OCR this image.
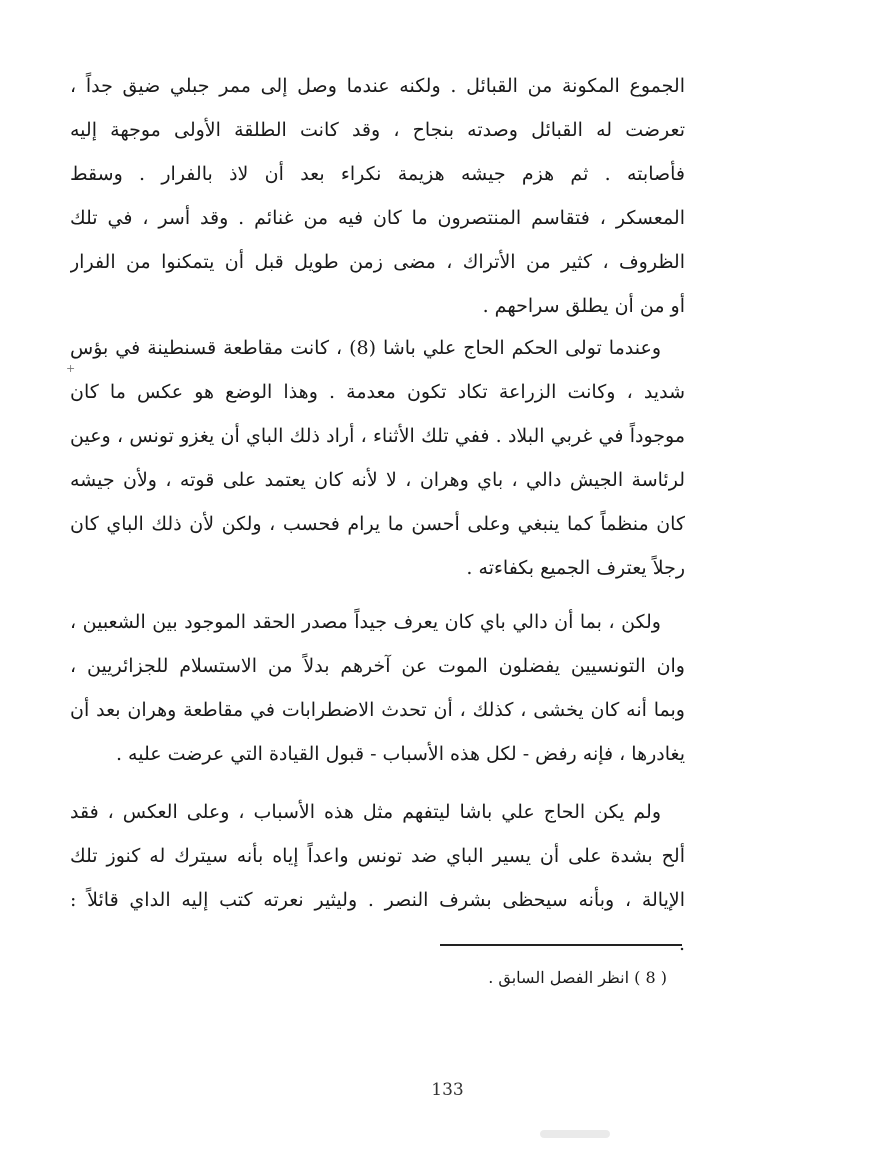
+
الجموع المكونة من القبائل . ولكنه عندما وصل إلى ممر جبلي ضيق جداً ،
تعرضت له القبائل وصدته بنجاح ، وقد كانت الطلقة الأولى موجهة إليه
فأصابته . ثم هزم جيشه هزيمة نكراء بعد أن لاذ بالفرار . وسقط
المعسكر ، فتقاسم المنتصرون ما كان فيه من غنائم . وقد أسر ، في تلك
الظروف ، كثير من الأتراك ، مضى زمن طويل قبل أن يتمكنوا من الفرار
أو من أن يطلق سراحهم .
وعندما تولى الحكم الحاج علي باشا (8) ، كانت مقاطعة قسنطينة في بؤس
شديد ، وكانت الزراعة تكاد تكون معدمة . وهذا الوضع هو عكس ما كان
موجوداً في غربي البلاد . ففي تلك الأثناء ، أراد ذلك الباي أن يغزو تونس ، وعين
لرئاسة الجيش دالي ، باي وهران ، لا لأنه كان يعتمد على قوته ، ولأن جيشه
كان منظماً كما ينبغي وعلى أحسن ما يرام فحسب ، ولكن لأن ذلك الباي كان
رجلاً يعترف الجميع بكفاءته .
ولكن ، بما أن دالي باي كان يعرف جيداً مصدر الحقد الموجود بين الشعبين ،
وان التونسيين يفضلون الموت عن آخرهم بدلاً من الاستسلام للجزائريين ،
وبما أنه كان يخشى ، كذلك ، أن تحدث الاضطرابات في مقاطعة وهران بعد أن
يغادرها ، فإنه رفض - لكل هذه الأسباب - قبول القيادة التي عرضت عليه .
ولم يكن الحاج علي باشا ليتفهم مثل هذه الأسباب ، وعلى العكس ، فقد
ألح بشدة على أن يسير الباي ضد تونس واعداً إياه بأنه سيترك له كنوز تلك
الإيالة ، وبأنه سيحظى بشرف النصر . وليثير نعرته كتب إليه الداي قائلاً :
.
( 8 ) انظر الفصل السابق .
133
